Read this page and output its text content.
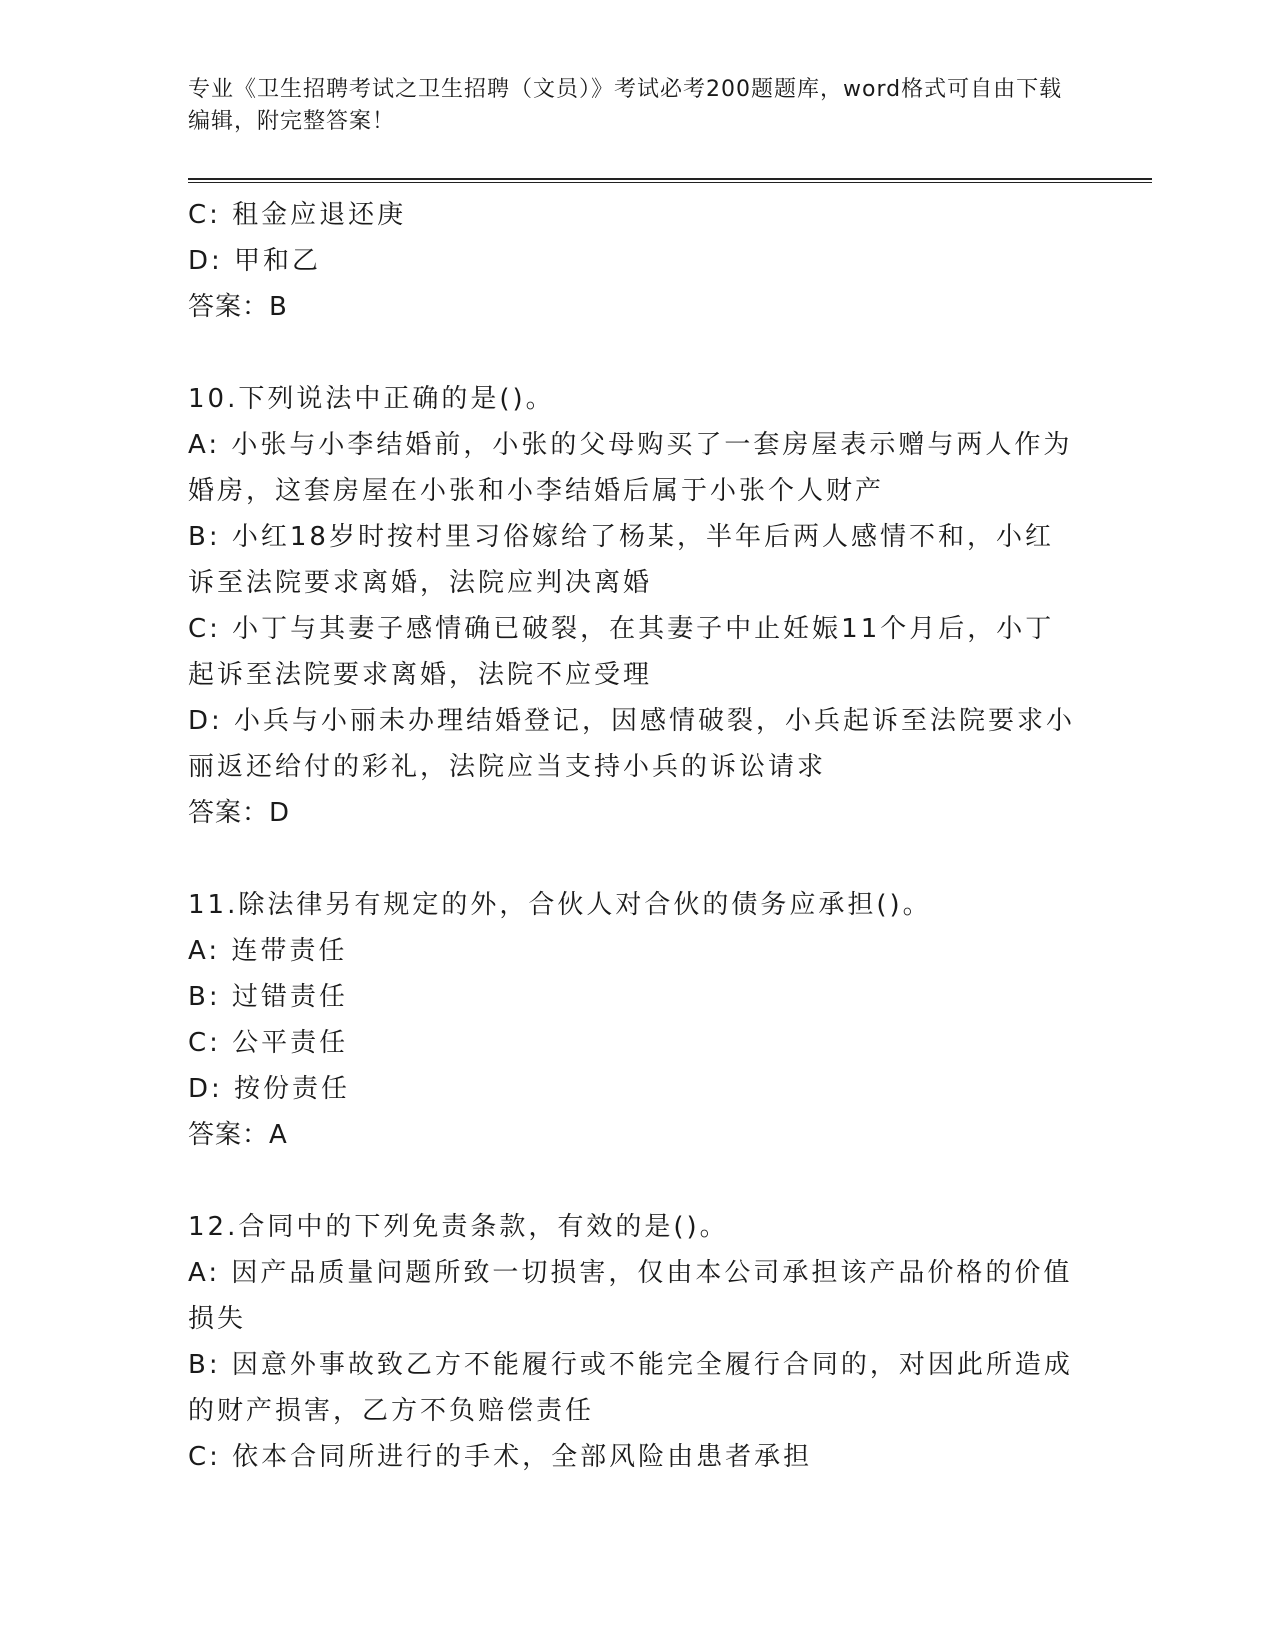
专业《卫生招聘考试之卫生招聘（文员）》考试必考200题题库，word格式可自由下载编辑，附完整答案！
C: 租金应退还庚
D: 甲和乙
答案：B
10.下列说法中正确的是()。
A: 小张与小李结婚前，小张的父母购买了一套房屋表示赠与两人作为
婚房，这套房屋在小张和小李结婚后属于小张个人财产
B: 小红18岁时按村里习俗嫁给了杨某，半年后两人感情不和，小红
诉至法院要求离婚，法院应判决离婚
C: 小丁与其妻子感情确已破裂，在其妻子中止妊娠11个月后，小丁
起诉至法院要求离婚，法院不应受理
D: 小兵与小丽未办理结婚登记，因感情破裂，小兵起诉至法院要求小
丽返还给付的彩礼，法院应当支持小兵的诉讼请求
答案：D
11.除法律另有规定的外，合伙人对合伙的债务应承担()。
A: 连带责任
B: 过错责任
C: 公平责任
D: 按份责任
答案：A
12.合同中的下列免责条款，有效的是()。
A: 因产品质量问题所致一切损害，仅由本公司承担该产品价格的价值
损失
B: 因意外事故致乙方不能履行或不能完全履行合同的，对因此所造成
的财产损害，乙方不负赔偿责任
C: 依本合同所进行的手术，全部风险由患者承担
